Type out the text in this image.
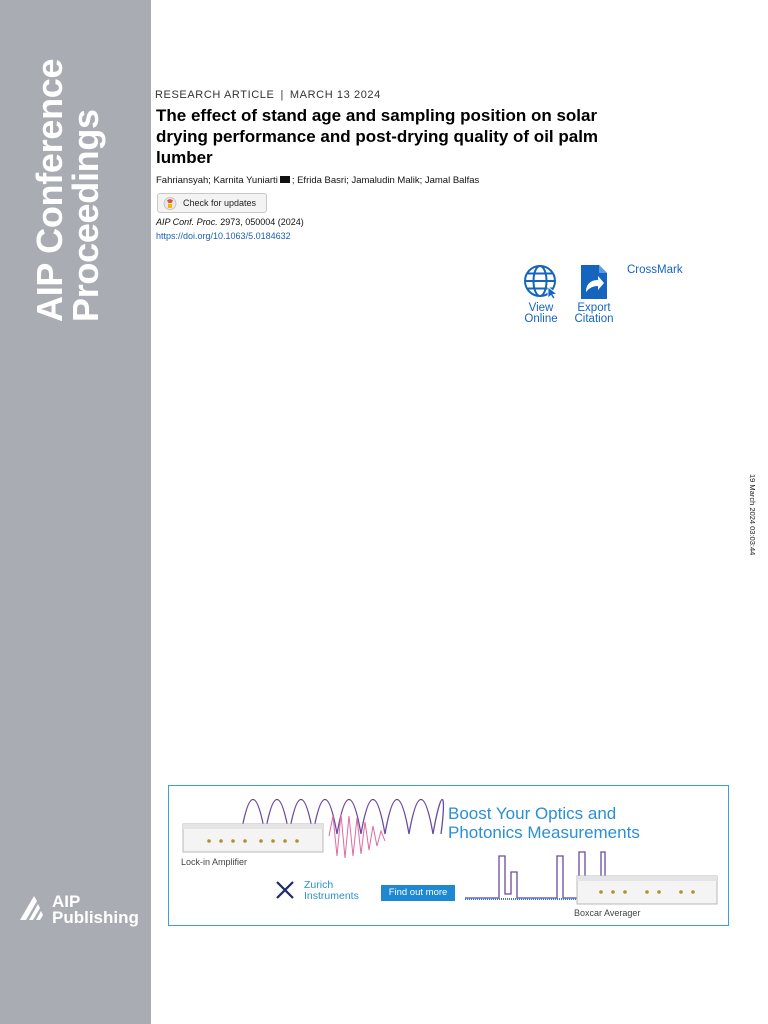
AIP Conference
Proceedings
AIP
Publishing
RESEARCH ARTICLE | MARCH 13 2024
The effect of stand age and sampling position on solar drying performance and post-drying quality of oil palm lumber
Fahriansyah; Karnita Yuniarti ; Efrida Basri; Jamaludin Malik; Jamal Balfas
Check for updates
AIP Conf. Proc. 2973, 050004 (2024)
https://doi.org/10.1063/5.0184632
View
Online
Export
Citation
CrossMark
19 March 2024 03:03:44
Boost Your Optics and
Photonics Measurements
Lock-in Amplifier
Boxcar Averager
Zurich
Instruments	Find out more
